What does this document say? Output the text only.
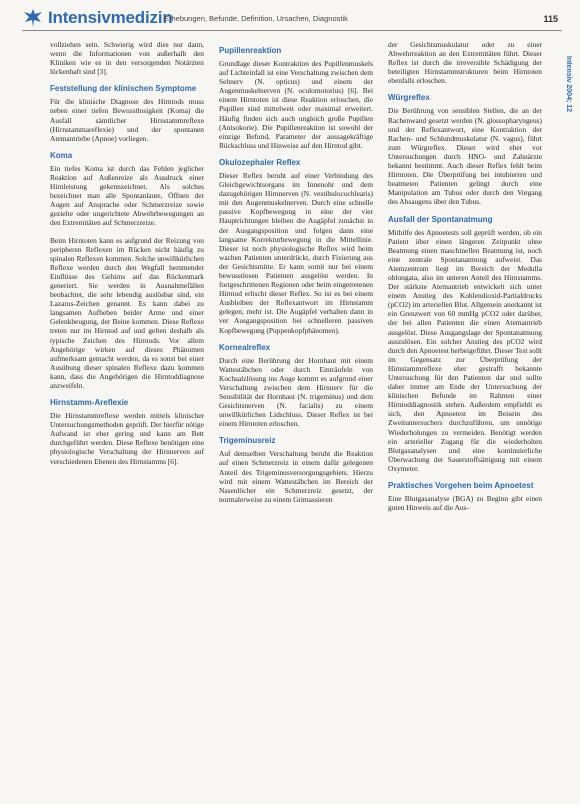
Intensivmedizin
Erhebungen, Befunde, Definition, Ursachen, Diagnostik	115
Intensiv 2004; 12

vollziehen sein. Schwierig wird dies nur dann, wenn die Informationen von außerhalb den Kliniken wie es in den versorgenden Notärzten lückenhaft sind [3].

Feststellung der klinischen Symptome

Für die klinische Diagnose des Hirntods muss neben einer tiefen Bewusstlosigkeit (Koma) die Ausfall sämtlicher Hirnstammreflexe (Hirnstammareflexie) und der spontanen Atemantriebe (Apnoe) vorliegen.

Koma

Ein tiefes Koma ist durch das Fehlen jeglicher Reaktion auf Außenreize als Ausdruck einer Hirnleistung gekennzeichnet. Als solches bezeichnet man alle Spontanlaute, Öffnen der Augen auf Ansprache oder Schmerzreize sowie gezielte oder ungerichtete Abwehrbewegungen an den Extremitäten auf Schmerzreize.

Beim Hirntoten kann es aufgrund der Reizung von peripheren Reflexen im Rücken nicht häufig zu spinalen Reflexen kommen. Solche unwillkürlichen Reflexe werden durch den Wegfall hemmender Einflüsse des Gehirns auf das Rückenmark generiert. Sie werden in Ausnahmefällen beobachtet, die sehr lebendig auslösbar sind, ein Lazarus-Zeichen genannt. Es kann dabei zu langsamen Aufheben beider Arme und einer Gelenkbeugung, der Beine kommen. Diese Reflexe treten nur im Hirntod auf und gelten deshalb als typische Zeichen des Hirntods. Vor allem Angehörige wirken auf dieses Phänomen aufmerksam gemacht werden, da es sonst bei einer Ausübung dieser spinalen Reflexe dazu kommen kann, dass die Angehörigen die Hirntoddiagnose anzweifeln.

Hirnstamm-Areflexie

Die Hirnstammreflexe werden mittels klinischer Untersuchungsmethoden geprüft. Der hierfür nötige Aufwand ist eher gering und kann am Bett durchgeführt werden. Diese Reflexe benötigen eine physiologische Verschaltung der Hirnnerven auf verschiedenen Ebenen des Hirnstamms [6].

Pupillenreaktion

Grundlage dieser Kontraktion des Pupillenmuskels auf Lichteinfall ist eine Verschaltung zwischen dem Sehnerv (N. opticus) und einem der Augenmuskelnerven (N. oculomotorius) [6]. Bei einem Hirntoten ist diese Reaktion erloschen, die Pupillen sind mittelweit oder maximal erweitert. Häufig finden sich auch ungleich große Pupillen (Anisokorie). Die Pupillenreaktion ist sowohl der einzige Befund, Parameter der aussagekräftige Rückschluss und Hinweise auf den Hirntod gibt.

Okulozephaler Reflex

Dieser Reflex beruht auf einer Verbindung des Gleichgewichtsorgans im Innenohr und dem dazugehörigen Hirnnerven (N. vestibulocochlearis) mit den Augenmuskelnerven. Durch eine schnelle passive Kopfbewegung in eine der vier Hauptrichtungen bleiben die Augäpfel zunächst in der Ausgangsposition und folgen dann eine langsame Korrekturbewegung in die Mittellinie. Dieser ist noch physiologische Reflex wird beim wachen Patienten unterdrückt, durch Fixierung aus der Gesichtsmitte. Er kann somit nur bei einem bewusstlosen Patienten ausgelöst werden. In fortgeschrittenen Regionen oder beim eingetretenen Hirntod erlischt dieser Reflex. So ist es bei einem Ausbleiben der Reflexantwort im Hirnstamm gelegen, mehr ist. Die Augäpfel verhalten dann in ver Ausgangsposition bei schnelleren passiven Kopfbewegung (Puppenkopfphänomen).

Kornealreflex

Durch eine Berührung der Hornhaut mit einem Wattestäbchen oder durch Einträufeln von Kochsalzlösung ins Auge kommt es aufgrund einer Verschaltung zwischen dem Hirnnerv für die Sensibilität der Hornhaut (N. trigeminus) und dem Gesichtsnerven (N. facialis) zu einem unwillkürlichen Lidschluss. Dieser Reflex ist bei einem Hirntoten erloschen.

Trigeminusreiz

Auf demselben Verschaltung beruht die Reaktion auf einen Schmerzreiz in einem dafür gelegenen Anteil des Trigeminusversorgungsgebiets. Hierzu wird mit einem Wattestäbchen im Bereich der Nasenlöcher ein Schmerzreiz gesetzt, der normalerweise zu einem Grimassieren

der Gesichtsmuskulatur oder zu einer Abwehrreaktion an den Extremitäten führt. Dieser Reflex ist durch die irreversible Schädigung der beteiligten Hirnstammstrukturen beim Hirntoten ebenfalls erloschen.

Würgreflex

Die Berührung von sensiblen Stellen, die an der Rachenwand gesetzt werden (N. glossopharyngeus) und der Reflexantwort, eine Kontraktion der Rachen- und Schlundmuskulatur (N. vagus), führt zum Würgreflex. Dieser wird eher vor Untersuchungen durch HNO- und Zahnärzte bekannt bestimmt. Auch dieser Reflex fehlt beim Hirntoten. Die Überprüfung bei intubierten und beatmeten Patienten gelingt durch eine Manipulation am Tubus oder durch den Vorgang des Absaugens über den Tubus.

Ausfall der Spontanatmung

Mithilfe des Apnoetests soll geprüft werden, ob ein Patient über einen längeren Zeitpunkt ohne Beatmung einen maschinellen Beatmung ist, noch eine zentrale Spontanatmung aufweist. Das Atemzentrum liegt im Bereich der Medulla oblongata, also im unteren Anteil des Hirnstamms. Der stärkste Atemantrieb entwickelt sich unter einem Anstieg des Kohlendioxid-Partialdrucks (pCO2) im arteriellen Blut. Allgemein anerkannt ist ein Grenzwert von 60 mmHg pCO2 oder darüber, der bei allen Patienten die einen Atemantrieb ausgelöst. Diese Ausgangslage der Spontanatmung auszulösen. Ein solcher Anstieg des pCO2 wird durch den Apnoetest herbeigeführt. Dieser Test sollt im Gegensatz zur Überprüfung der Hirnstammreflexe eher gestrafft bekannte Untersuchung für den Patienten dar und sollte daher immer am Ende der Untersuchung der klinischen Befunde im Rahmen einer Hirntoddiagnostik stehen. Außerdem empfiehlt es sich, den Apnoetest im Beisein des Zweituntersuchers durchzuführen, um unnötige Wiederholungen zu vermeiden. Benötigt werden ein arterieller Zugang für die wiederholten Blutgasanalysen und eine kontinuierliche Überwachung der Sauerstoffsättigung mit einem Oxymeter.

Praktisches Vorgehen beim Apnoetest

Eine Blutgasanalyse (BGA) zu Beginn gibt einen guten Hinweis auf die Aus-
